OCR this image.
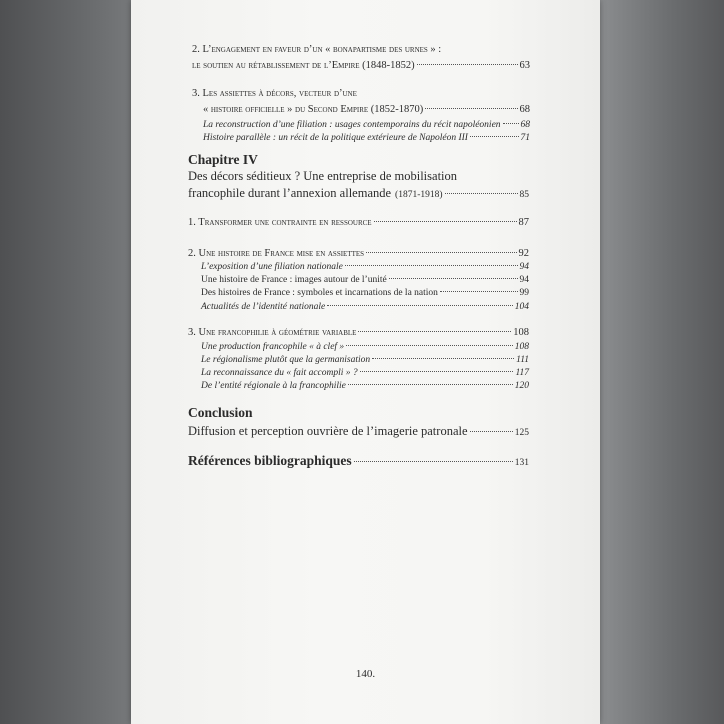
2. L’engagement en faveur d’un « bonapartisme des urnes » :
le soutien au rétablissement de l’Empire (1848-1852)	63
3. Les assiettes à décors, vecteur d’une
« histoire officielle » du Second Empire (1852-1870)	68
La reconstruction d’une filiation : usages contemporains du récit napoléonien 68
Histoire parallèle : un récit de la politique extérieure de Napoléon III	71
Chapitre IV
Des décors séditieux ? Une entreprise de mobilisation
francophile durant l’annexion allemande (1871-1918)	85
1. Transformer une contrainte en ressource	87
2. Une histoire de France mise en assiettes	92
L’exposition d’une filiation nationale	94
Une histoire de France : images autour de l’unité	94
Des histoires de France : symboles et incarnations de la nation	99
Actualités de l’identité nationale	104
3. Une francophilie à géométrie variable	108
Une production francophile « à clef »	108
Le régionalisme plutôt que la germanisation	111
La reconnaissance du « fait accompli » ?	117
De l’entité régionale à la francophilie	120
Conclusion
Diffusion et perception ouvrière de l’imagerie patronale	125
Références bibliographiques	131
140.
